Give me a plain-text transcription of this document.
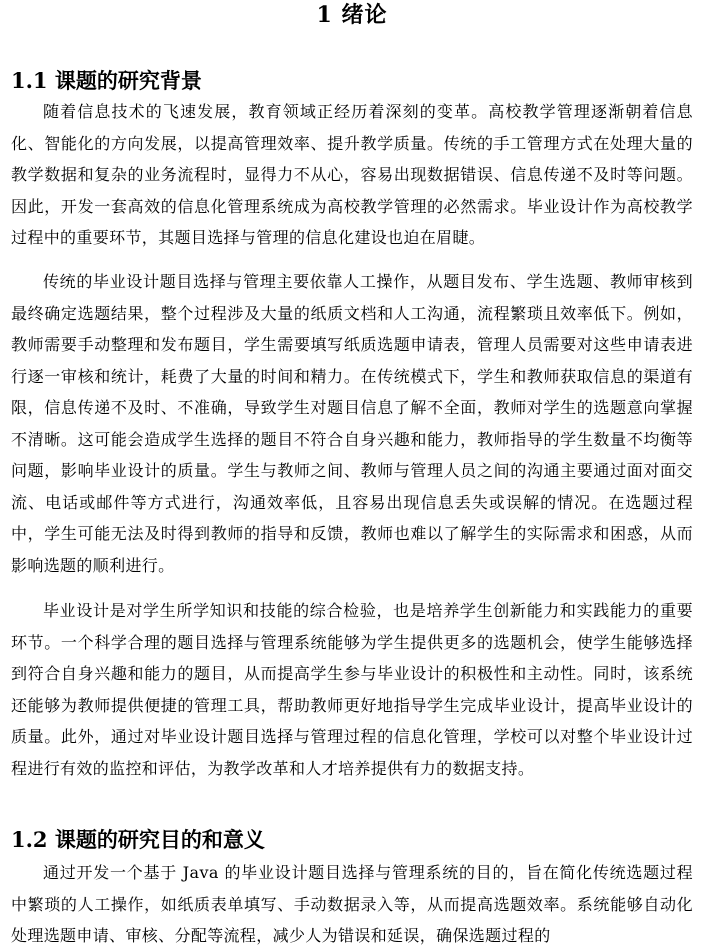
1 绪论
1.1 课题的研究背景

随着信息技术的飞速发展，教育领域正经历着深刻的变革。高校教学管理逐渐朝着信息化、智能化的方向发展，以提高管理效率、提升教学质量。传统的手工管理方式在处理大量的教学数据和复杂的业务流程时，显得力不从心，容易出现数据错误、信息传递不及时等问题。因此，开发一套高效的信息化管理系统成为高校教学管理的必然需求。毕业设计作为高校教学过程中的重要环节，其题目选择与管理的信息化建设也迫在眉睫。

传统的毕业设计题目选择与管理主要依靠人工操作，从题目发布、学生选题、教师审核到最终确定选题结果，整个过程涉及大量的纸质文档和人工沟通，流程繁琐且效率低下。例如，教师需要手动整理和发布题目，学生需要填写纸质选题申请表，管理人员需要对这些申请表进行逐一审核和统计，耗费了大量的时间和精力。在传统模式下，学生和教师获取信息的渠道有限，信息传递不及时、不准确，导致学生对题目信息了解不全面，教师对学生的选题意向掌握不清晰。这可能会造成学生选择的题目不符合自身兴趣和能力，教师指导的学生数量不均衡等问题，影响毕业设计的质量。学生与教师之间、教师与管理人员之间的沟通主要通过面对面交流、电话或邮件等方式进行，沟通效率低，且容易出现信息丢失或误解的情况。在选题过程中，学生可能无法及时得到教师的指导和反馈，教师也难以了解学生的实际需求和困惑，从而影响选题的顺利进行。

毕业设计是对学生所学知识和技能的综合检验，也是培养学生创新能力和实践能力的重要环节。一个科学合理的题目选择与管理系统能够为学生提供更多的选题机会，使学生能够选择到符合自身兴趣和能力的题目，从而提高学生参与毕业设计的积极性和主动性。同时，该系统还能够为教师提供便捷的管理工具，帮助教师更好地指导学生完成毕业设计，提高毕业设计的质量。此外，通过对毕业设计题目选择与管理过程的信息化管理，学校可以对整个毕业设计过程进行有效的监控和评估，为教学改革和人才培养提供有力的数据支持。

1.2 课题的研究目的和意义

通过开发一个基于 Java 的毕业设计题目选择与管理系统的目的，旨在简化传统选题过程中繁琐的人工操作，如纸质表单填写、手动数据录入等，从而提高选题效率。系统能够自动化处理选题申请、审核、分配等流程，减少人为错误和延误，确保选题过程的
